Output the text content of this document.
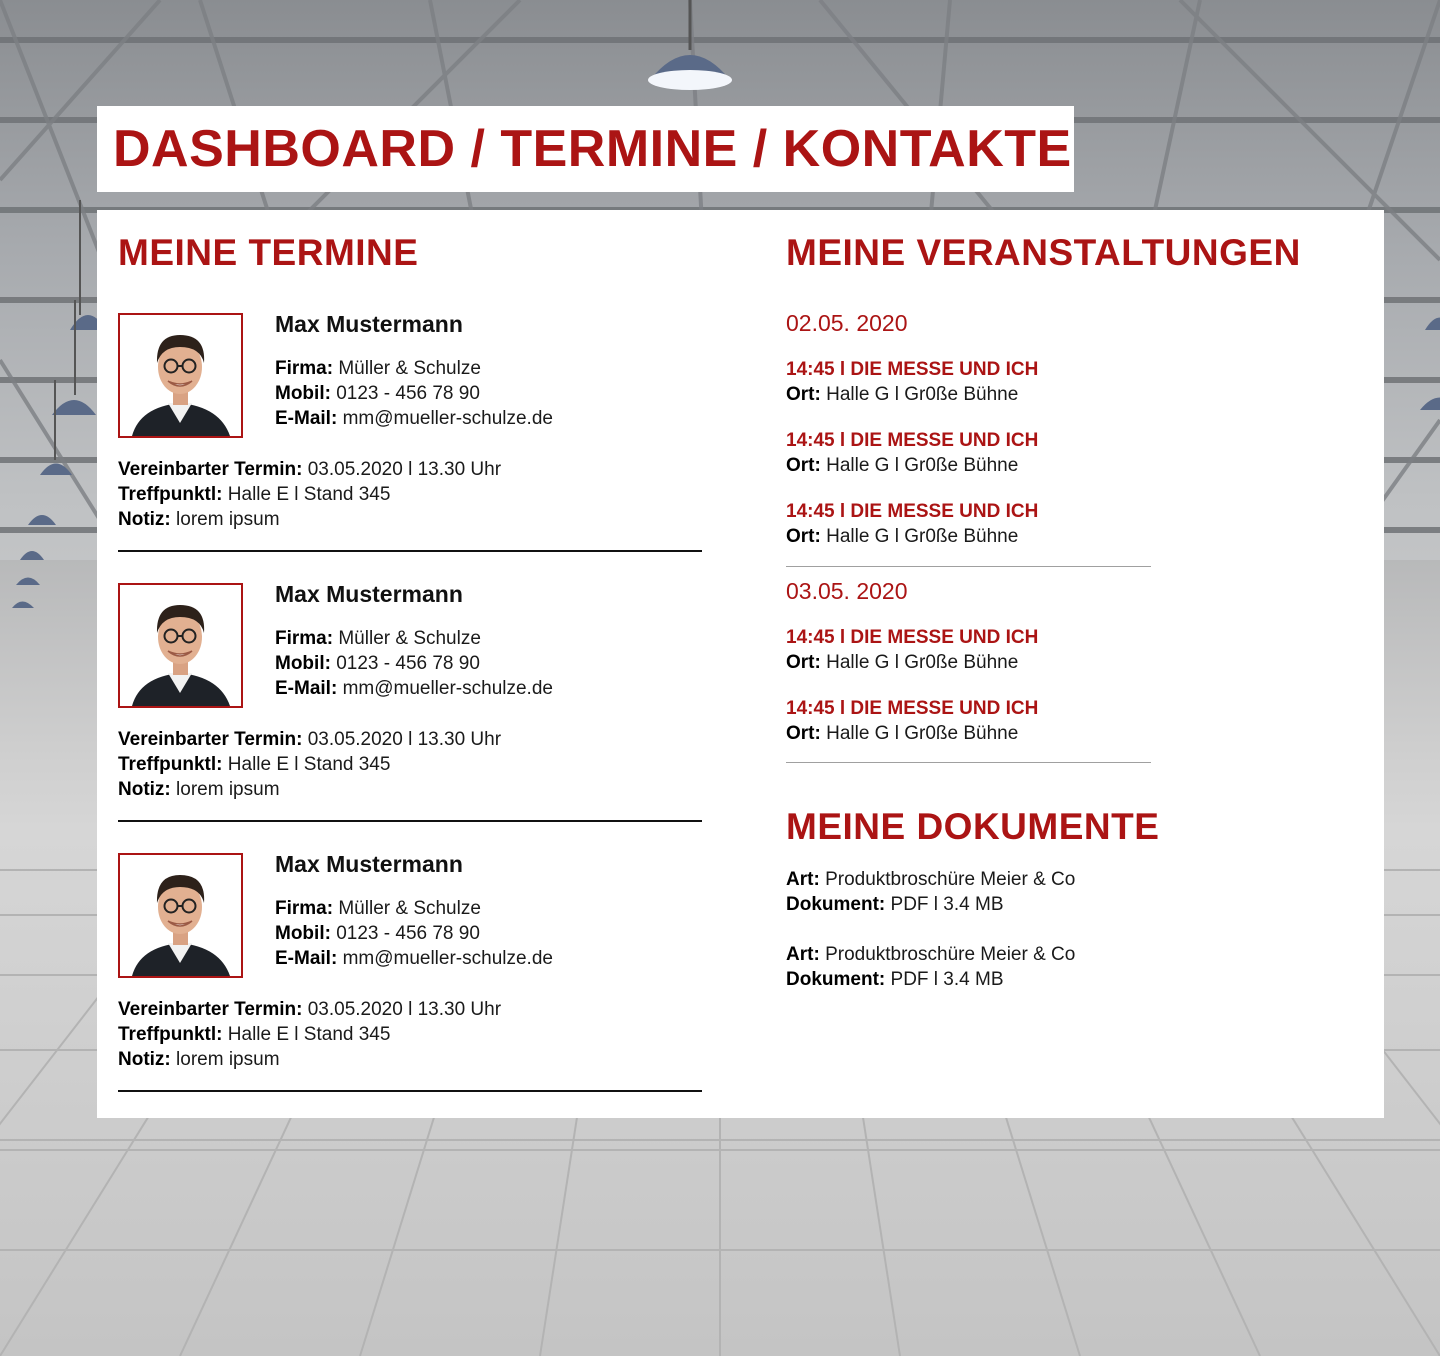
DASHBOARD / TERMINE / KONTAKTE
MEINE TERMINE
Max Mustermann
Firma: Müller & Schulze
Mobil: 0123 - 456 78 90
E-Mail: mm@mueller-schulze.de
Vereinbarter Termin: 03.05.2020 l 13.30 Uhr
Treffpunktl: Halle E l Stand 345
Notiz: lorem ipsum
Max Mustermann
Firma: Müller & Schulze
Mobil: 0123 - 456 78 90
E-Mail: mm@mueller-schulze.de
Vereinbarter Termin: 03.05.2020 l 13.30 Uhr
Treffpunktl: Halle E l Stand 345
Notiz: lorem ipsum
Max Mustermann
Firma: Müller & Schulze
Mobil: 0123 - 456 78 90
E-Mail: mm@mueller-schulze.de
Vereinbarter Termin: 03.05.2020 l 13.30 Uhr
Treffpunktl: Halle E l Stand 345
Notiz: lorem ipsum
MEINE VERANSTALTUNGEN
02.05. 2020
14:45 l DIE MESSE UND ICH
Ort: Halle G l Gr0ße Bühne
14:45 l DIE MESSE UND ICH
Ort: Halle G l Gr0ße Bühne
14:45 l DIE MESSE UND ICH
Ort: Halle G l Gr0ße Bühne
03.05. 2020
14:45 l DIE MESSE UND ICH
Ort: Halle G l Gr0ße Bühne
14:45 l DIE MESSE UND ICH
Ort: Halle G l Gr0ße Bühne
MEINE DOKUMENTE
Art: Produktbroschüre Meier & Co
Dokument: PDF l 3.4 MB
Art: Produktbroschüre Meier & Co
Dokument: PDF l 3.4 MB
